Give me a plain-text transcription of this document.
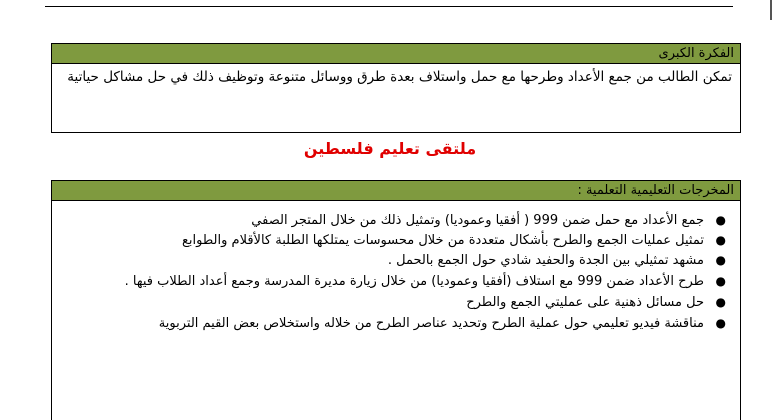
الفكرة الكبرى
تمكن الطالب من جمع الأعداد وطرحها مع حمل واستلاف بعدة طرق ووسائل متنوعة وتوظيف ذلك في حل مشاكل حياتية
ملتقى تعليم فلسطين
المخرجات التعليمية التعلمية :
●
جمع الأعداد مع حمل ضمن 999 ( أفقيا وعموديا) وتمثيل ذلك من خلال المتجر الصفي
●
تمثيل عمليات الجمع والطرح بأشكال متعددة من خلال محسوسات يمتلكها الطلبة كالأقلام والطوابع
●
مشهد تمثيلي بين الجدة والحفيد شادي حول الجمع بالحمل .
●
طرح الأعداد ضمن 999 مع استلاف (أفقيا وعموديا) من خلال زيارة مديرة المدرسة وجمع أعداد الطلاب فيها .
●
حل مسائل ذهنية على عمليتي الجمع والطرح
●
مناقشة فيديو تعليمي حول عملية الطرح وتحديد عناصر الطرح من خلاله واستخلاص بعض القيم التربوية
